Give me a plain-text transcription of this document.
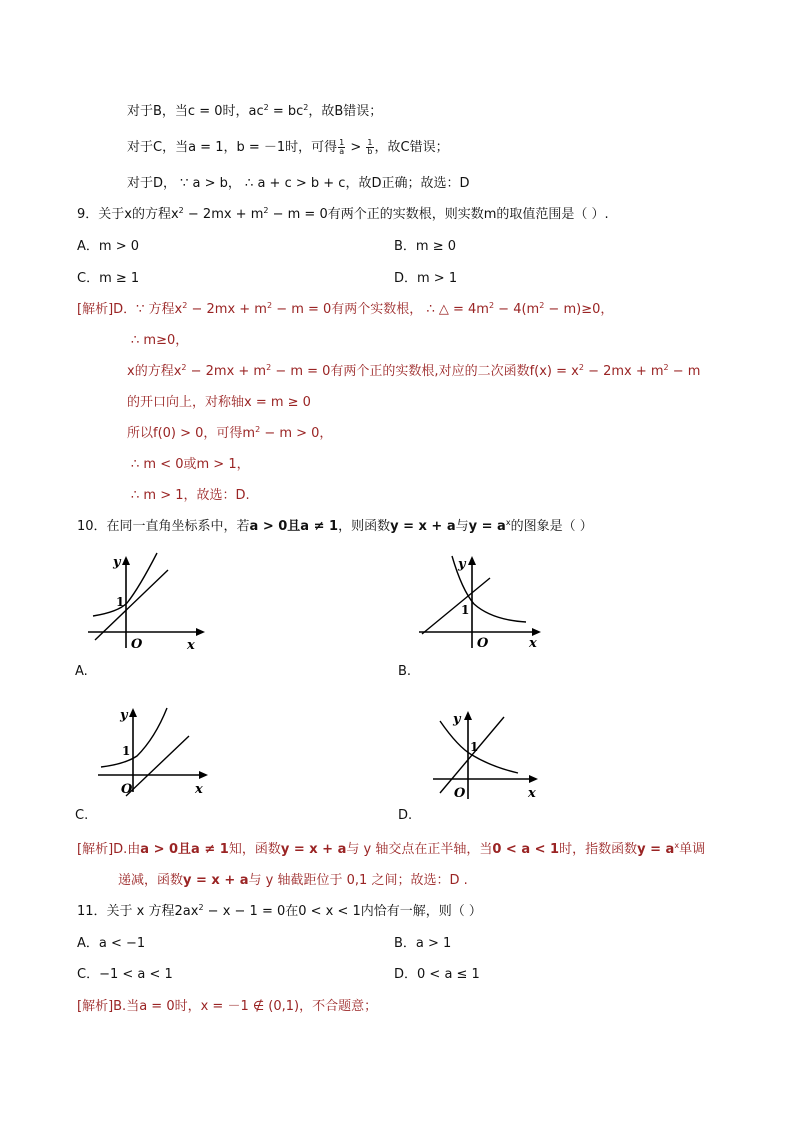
对于B，当c = 0时，$ac^2 = bc^2$，故B错误；
对于C，当a = 1，b = －1时，可得 $\frac{1}{a} > \frac{1}{b}$ ，故C错误；
对于D， ∵ a > b， ∴ a + c > b + c，故D正确；故选：D
9．关于x的方程$x^2 - 2mx + m^2 - m = 0$有两个正的实数根，则实数m的取值范围是（ ）.
A．m > 0	B．m ≥ 0
C．m ≥ 1	D．m > 1
[解析]D．∵ 方程$x^2 - 2mx + m^2 - m = 0$有两个实数根， ∴ △ = $4m^2 - 4(m^2 - m)\ge 0$，
∴ m≥0，
x的方程$x^2 - 2mx + m^2 - m = 0$有两个正的实数根,对应的二次函数$f(x) = x^2 - 2mx + m^2 - m$
的开口向上，对称轴x = m ≥ 0
所以f(0) > 0，可得$m^2 - m > 0$，
∴ m < 0或m > 1，
∴ m > 1，故选：D.
10．在同一直角坐标系中，若a > 0且a ≠ 1，则函数y = x + a与$y = a^x$的图象是（ ）
y
1
O	x
A.
y
1
O	x
B.
y
1
O	x
C.
y
1
O	x
D.
[解析]D.由a > 0且a ≠ 1知，函数y = x + a与 y 轴交点在正半轴，当0 < a < 1时，指数函数$y = a^x$单调
递减，函数y = x + a与 y 轴截距位于 0,1 之间；故选：D .
11．关于 x 方程$2ax^2 - x - 1 = 0$在0 < x < 1内恰有一解，则（ ）
A．a < −1	B．a > 1
C．−1 < a < 1	D．0 < a ≤ 1
[解析]B.当a = 0时，x = －1 ∉ (0,1)，不合题意；
